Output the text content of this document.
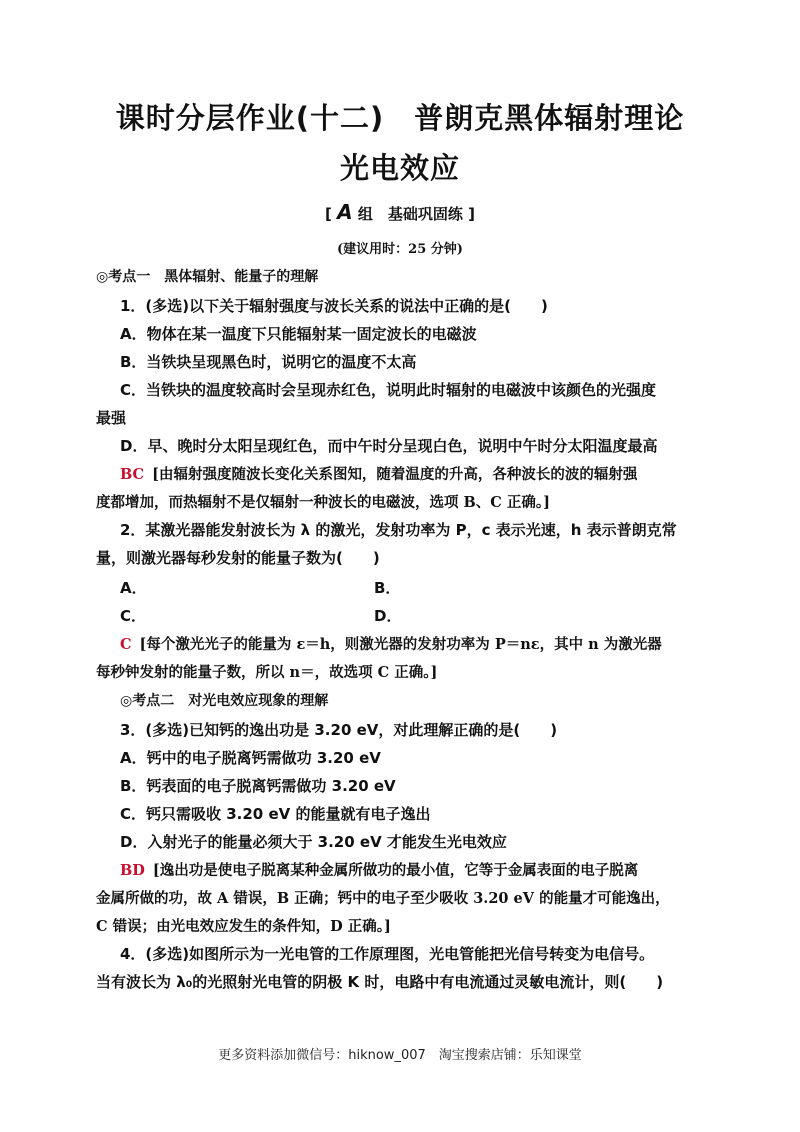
课时分层作业(十二)　普朗克黑体辐射理论
光电效应
[ A 组　基础巩固练 ]
(建议用时：25 分钟)
◎考点一　黑体辐射、能量子的理解
1．(多选)以下关于辐射强度与波长关系的说法中正确的是(　　)
A．物体在某一温度下只能辐射某一固定波长的电磁波
B．当铁块呈现黑色时，说明它的温度不太高
C．当铁块的温度较高时会呈现赤红色，说明此时辐射的电磁波中该颜色的光强度
最强
D．早、晚时分太阳呈现红色，而中午时分呈现白色，说明中午时分太阳温度最高
BC [由辐射强度随波长变化关系图知，随着温度的升高，各种波长的波的辐射强
度都增加，而热辐射不是仅辐射一种波长的电磁波，选项 B、C 正确。]
2．某激光器能发射波长为 λ 的激光，发射功率为 P，c 表示光速，h 表示普朗克常
量，则激光器每秒发射的能量子数为(　　)
A．	B．
C．	D．
C [每个激光光子的能量为 ε＝h，则激光器的发射功率为 P＝nε，其中 n 为激光器
每秒钟发射的能量子数，所以 n＝，故选项 C 正确。]
◎考点二　对光电效应现象的理解
3．(多选)已知钙的逸出功是 3.20 eV，对此理解正确的是(　　)
A．钙中的电子脱离钙需做功 3.20 eV
B．钙表面的电子脱离钙需做功 3.20 eV
C．钙只需吸收 3.20 eV 的能量就有电子逸出
D．入射光子的能量必须大于 3.20 eV 才能发生光电效应
BD [逸出功是使电子脱离某种金属所做功的最小值，它等于金属表面的电子脱离
金属所做的功，故 A 错误，B 正确；钙中的电子至少吸收 3.20 eV 的能量才可能逸出，
C 错误；由光电效应发生的条件知，D 正确。]
4．(多选)如图所示为一光电管的工作原理图，光电管能把光信号转变为电信号。
当有波长为 λ₀的光照射光电管的阴极 K 时，电路中有电流通过灵敏电流计，则(　　)
更多资料添加微信号：hiknow_007　淘宝搜索店铺：乐知课堂
